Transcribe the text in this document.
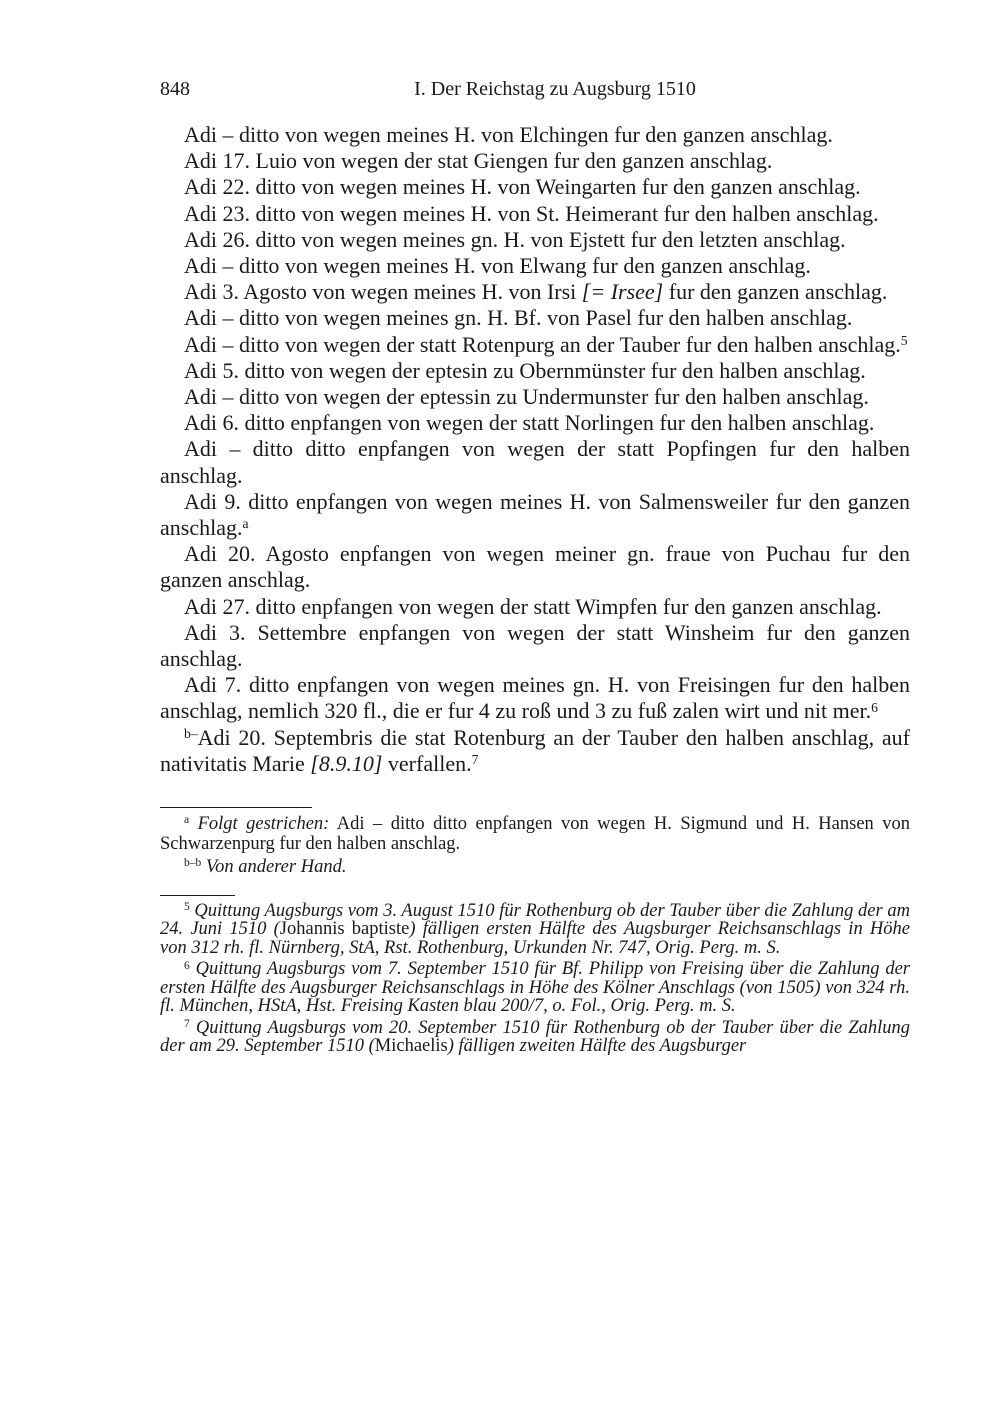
848	I. Der Reichstag zu Augsburg 1510

Adi – ditto von wegen meines H. von Elchingen fur den ganzen anschlag.

Adi 17. Luio von wegen der stat Giengen fur den ganzen anschlag.

Adi 22. ditto von wegen meines H. von Weingarten fur den ganzen anschlag.

Adi 23. ditto von wegen meines H. von St. Heimerant fur den halben anschlag.

Adi 26. ditto von wegen meines gn. H. von Ejstett fur den letzten anschlag.

Adi – ditto von wegen meines H. von Elwang fur den ganzen anschlag.

Adi 3. Agosto von wegen meines H. von Irsi [= Irsee] fur den ganzen anschlag.

Adi – ditto von wegen meines gn. H. Bf. von Pasel fur den halben anschlag.

Adi – ditto von wegen der statt Rotenpurg an der Tauber fur den halben anschlag.$^5$

Adi 5. ditto von wegen der eptesin zu Obernmünster fur den halben anschlag.

Adi – ditto von wegen der eptessin zu Undermunster fur den halben anschlag.

Adi 6. ditto enpfangen von wegen der statt Norlingen fur den halben anschlag.

Adi – ditto ditto enpfangen von wegen der statt Popfingen fur den halben anschlag.

Adi 9. ditto enpfangen von wegen meines H. von Salmensweiler fur den ganzen anschlag.$^a$

Adi 20. Agosto enpfangen von wegen meiner gn. fraue von Puchau fur den ganzen anschlag.

Adi 27. ditto enpfangen von wegen der statt Wimpfen fur den ganzen anschlag.

Adi 3. Settembre enpfangen von wegen der statt Winsheim fur den ganzen anschlag.

Adi 7. ditto enpfangen von wegen meines gn. H. von Freisingen fur den halben anschlag, nemlich 320 fl., die er fur 4 zu roß und 3 zu fuß zalen wirt und nit mer.$^6$

$^{b-}$Adi 20. Septembris die stat Rotenburg an der Tauber den halben anschlag, auf nativitatis Marie [8.9.10] verfallen.$^7$

$^a$ Folgt gestrichen: Adi – ditto ditto enpfangen von wegen H. Sigmund und H. Hansen von Schwarzenpurg fur den halben anschlag.

$^{b-b}$ Von anderer Hand.

$^5$ Quittung Augsburgs vom 3. August 1510 für Rothenburg ob der Tauber über die Zahlung der am 24. Juni 1510 (Johannis baptiste) fälligen ersten Hälfte des Augsburger Reichsanschlags in Höhe von 312 rh. fl. Nürnberg, StA, Rst. Rothenburg, Urkunden Nr. 747, Orig. Perg. m. S.

$^6$ Quittung Augsburgs vom 7. September 1510 für Bf. Philipp von Freising über die Zahlung der ersten Hälfte des Augsburger Reichsanschlags in Höhe des Kölner Anschlags (von 1505) von 324 rh. fl. München, HStA, Hst. Freising Kasten blau 200/7, o. Fol., Orig. Perg. m. S.

$^7$ Quittung Augsburgs vom 20. September 1510 für Rothenburg ob der Tauber über die Zahlung der am 29. September 1510 (Michaelis) fälligen zweiten Hälfte des Augsburger
